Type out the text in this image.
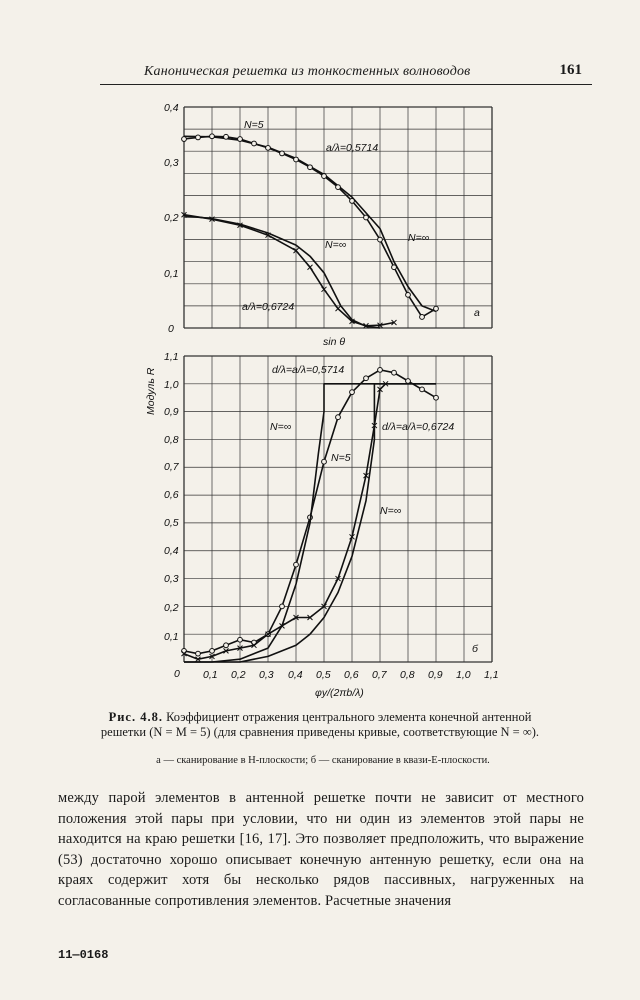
Каноническая решетка из тонкостенных волноводов	161
0
0,1
0,2
0,3
0,4
N=5
a/λ=0,5714
N=∞
N=∞
a/λ=0,6724	а
sin θ
0
0,1
0,2
0,3
0,4
0,5
0,6
0,7
0,8
0,9
1,0
1,1
Модуль R
0,1 0,2 0,3 0,4 0,5 0,6 0,7 0,8 0,9 1,0 1,1
d/λ=a/λ=0,5714
N=∞	d/λ=a/λ=0,6724
N=5
N=∞
б
φy/(2πb/λ)
Рис. 4.8. Коэффициент отражения центрального элемента конечной антенной решетки (N = M = 5) (для сравнения приведены кривые, соответствующие N = ∞).
а — сканирование в H-плоскости; б — сканирование в квази-E-плоскости.
между парой элементов в антенной решетке почти не зависит от местного положения этой пары при условии, что ни один из элементов этой пары не находится на краю решетки [16, 17]. Это позволяет предположить, что выражение (53) достаточно хорошо описывает конечную антенную решетку, если она на краях содержит хотя бы несколько рядов пассивных, нагруженных на согласованные сопротивления элементов. Расчетные значения
11—0168
